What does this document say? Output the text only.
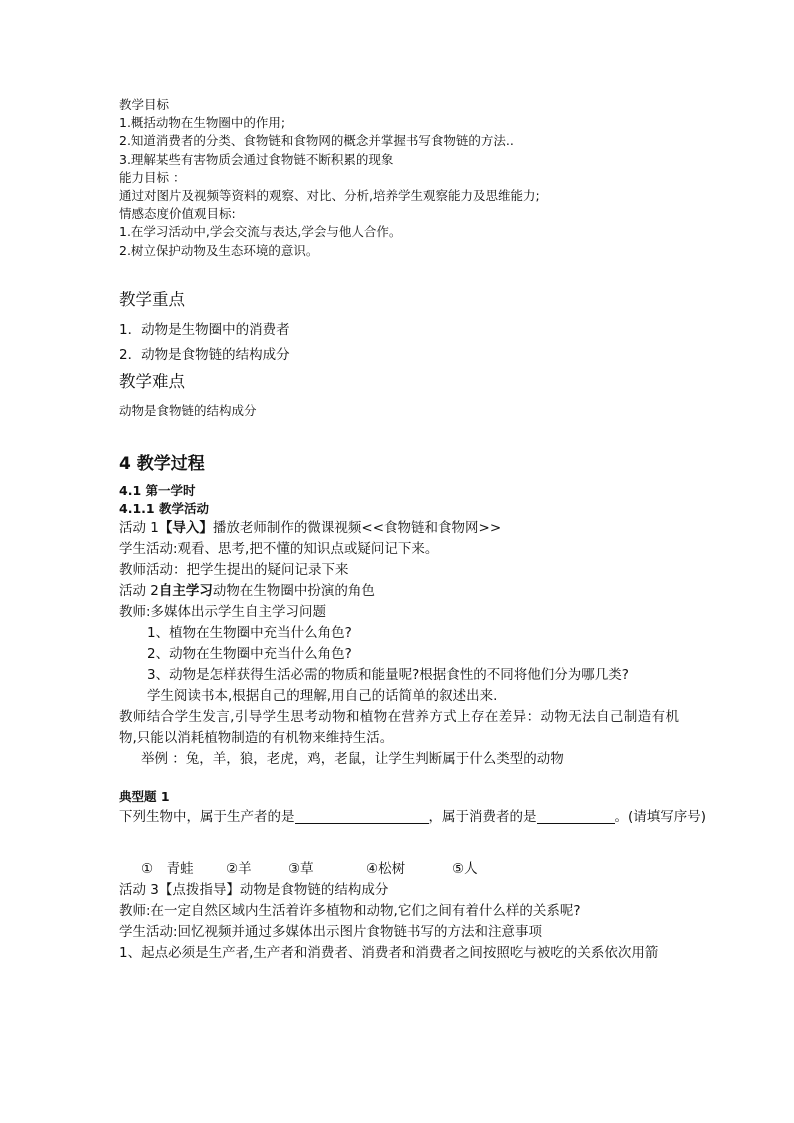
教学目标
1.概括动物在生物圈中的作用;
2.知道消费者的分类、食物链和食物网的概念并掌握书写食物链的方法..
3.理解某些有害物质会通过食物链不断积累的现象
能力目标 ：
通过对图片及视频等资料的观察、对比、分析,培养学生观察能力及思维能力;
情感态度价值观目标:
1.在学习活动中,学会交流与表达,学会与他人合作。
2.树立保护动物及生态环境的意识。
教学重点
1．动物是生物圈中的消费者
2．动物是食物链的结构成分
教学难点
动物是食物链的结构成分
4 教学过程
4.1 第一学时
4.1.1 教学活动
活动 1【导入】播放老师制作的微课视频<<食物链和食物网>>
学生活动:观看、思考,把不懂的知识点或疑问记下来。
教师活动：把学生提出的疑问记录下来
活动 2自主学习动物在生物圈中扮演的角色
教师:多媒体出示学生自主学习问题
1、植物在生物圈中充当什么角色?
2、动物在生物圈中充当什么角色?
3、动物是怎样获得生活必需的物质和能量呢?根据食性的不同将他们分为哪几类?
学生阅读书本,根据自己的理解,用自己的话简单的叙述出来.
教师结合学生发言,引导学生思考动物和植物在营养方式上存在差异：动物无法自己制造有机物,只能以消耗植物制造的有机物来维持生活。
举例 ：兔，羊，狼，老虎，鸡，老鼠，让学生判断属于什么类型的动物
典型题 1
下列生物中，属于生产者的是	，属于消费者的是	。(请填写序号)
①　青蛙 ②羊	③草	④松树	⑤人
活动 3【点拨指导】动物是食物链的结构成分
教师:在一定自然区域内生活着许多植物和动物,它们之间有着什么样的关系呢?
学生活动:回忆视频并通过多媒体出示图片食物链书写的方法和注意事项
1、起点必须是生产者,生产者和消费者、消费者和消费者之间按照吃与被吃的关系依次用箭
